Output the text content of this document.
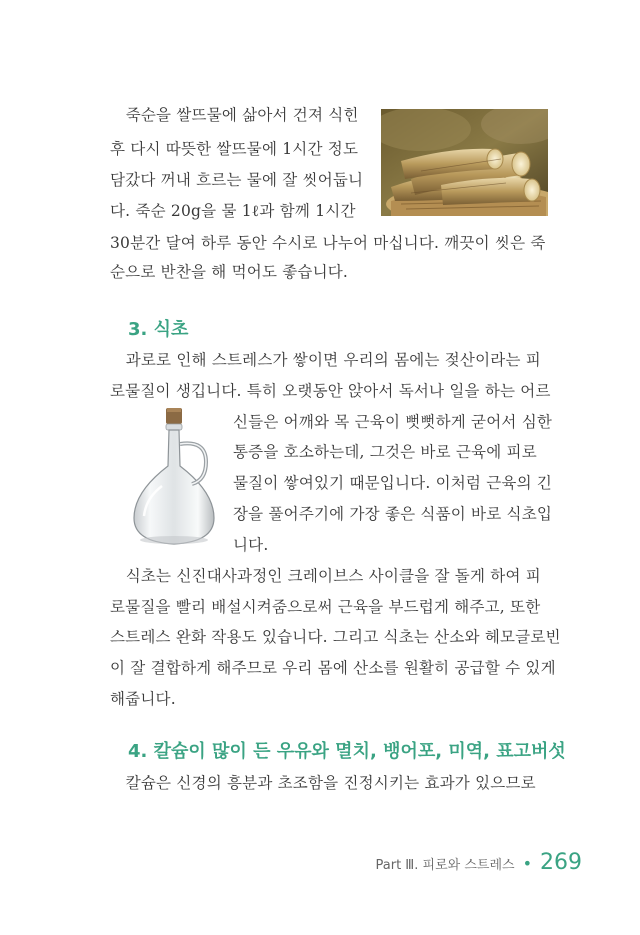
　죽순을 쌀뜨물에 삶아서 건져 식힌
후 다시 따뜻한 쌀뜨물에 1시간 정도
담갔다 꺼내 흐르는 물에 잘 씻어둡니
다. 죽순 20g을 물 1ℓ과 함께 1시간
30분간 달여 하루 동안 수시로 나누어 마십니다. 깨끗이 씻은 죽
순으로 반찬을 해 먹어도 좋습니다.
3. 식초
　과로로 인해 스트레스가 쌓이면 우리의 몸에는 젖산이라는 피
로물질이 생깁니다. 특히 오랫동안 앉아서 독서나 일을 하는 어르
신들은 어깨와 목 근육이 뻣뻣하게 굳어서 심한
통증을 호소하는데, 그것은 바로 근육에 피로
물질이 쌓여있기 때문입니다. 이처럼 근육의 긴
장을 풀어주기에 가장 좋은 식품이 바로 식초입
니다.
　식초는 신진대사과정인 크레이브스 사이클을 잘 돌게 하여 피
로물질을 빨리 배설시켜줌으로써 근육을 부드럽게 해주고, 또한
스트레스 완화 작용도 있습니다. 그리고 식초는 산소와 헤모글로빈
이 잘 결합하게 해주므로 우리 몸에 산소를 원활히 공급할 수 있게
해줍니다.
4. 칼슘이 많이 든 우유와 멸치, 뱅어포, 미역, 표고버섯
　칼슘은 신경의 흥분과 초조함을 진정시키는 효과가 있으므로
Part Ⅲ. 피로와 스트레스 • 269
